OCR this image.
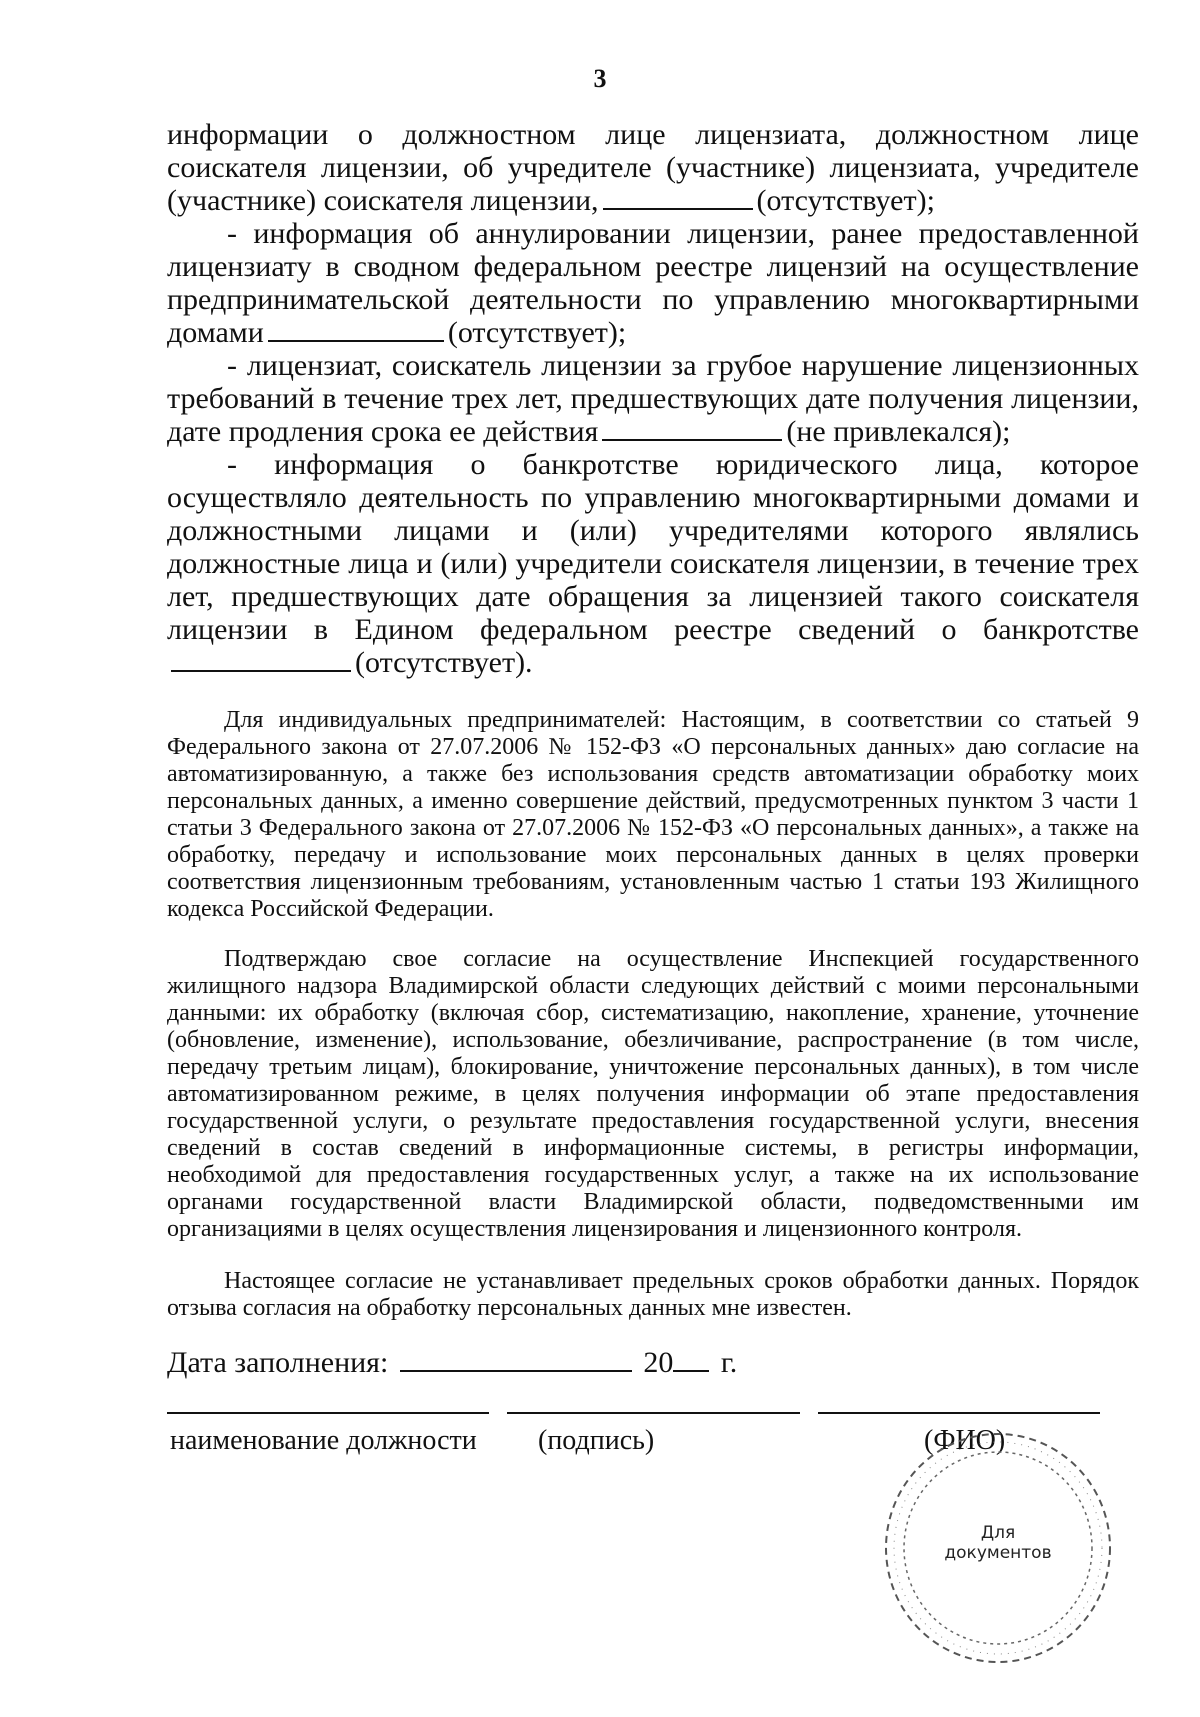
3

информации о должностном лице лицензиата, должностном лице соискателя лицензии, об учредителе (участнике) лицензиата, учредителе (участнике) соискателя лицензии,	(отсутствует);

- информация об аннулировании лицензии, ранее предоставленной лицензиату в сводном федеральном реестре лицензий на осуществление предпринимательской деятельности по управлению многоквартирными домами	(отсутствует);

- лицензиат, соискатель лицензии за грубое нарушение лицензионных требований в течение трех лет, предшествующих дате получения лицензии, дате продления срока ее действия	(не привлекался);

- информация о банкротстве юридического лица, которое осуществляло деятельность по управлению многоквартирными домами и должностными лицами и (или) учредителями которого являлись должностные лица и (или) учредители соискателя лицензии, в течение трех лет, предшествующих дате обращения за лицензией такого соискателя лицензии в Едином федеральном реестре сведений о банкротстве(отсутствует).

Для индивидуальных предпринимателей: Настоящим, в соответствии со статьей 9 Федерального закона от 27.07.2006 № 152-ФЗ «О персональных данных» даю согласие на автоматизированную, а также без использования средств автоматизации обработку моих персональных данных, а именно совершение действий, предусмотренных пунктом 3 части 1 статьи 3 Федерального закона от 27.07.2006 № 152-ФЗ «О персональных данных», а также на обработку, передачу и использование моих персональных данных в целях проверки соответствия лицензионным требованиям, установленным частью 1 статьи 193 Жилищного кодекса Российской Федерации.

Подтверждаю свое согласие на осуществление Инспекцией государственного жилищного надзора Владимирской области следующих действий с моими персональными данными: их обработку (включая сбор, систематизацию, накопление, хранение, уточнение (обновление, изменение), использование, обезличивание, распространение (в том числе, передачу третьим лицам), блокирование, уничтожение персональных данных), в том числе автоматизированном режиме, в целях получения информации об этапе предоставления государственной услуги, о результате предоставления государственной услуги, внесения сведений в состав сведений в информационные системы, в регистры информации, необходимой для предоставления государственных услуг, а также на их использование органами государственной власти Владимирской области, подведомственными им организациями в целях осуществления лицензирования и лицензионного контроля.

Настоящее согласие не устанавливает предельных сроков обработки данных. Порядок отзыва согласия на обработку персональных данных мне известен.

Дата заполнения:	20 г.
наименование должности (подпись)	(ФИО)
Для
документов
